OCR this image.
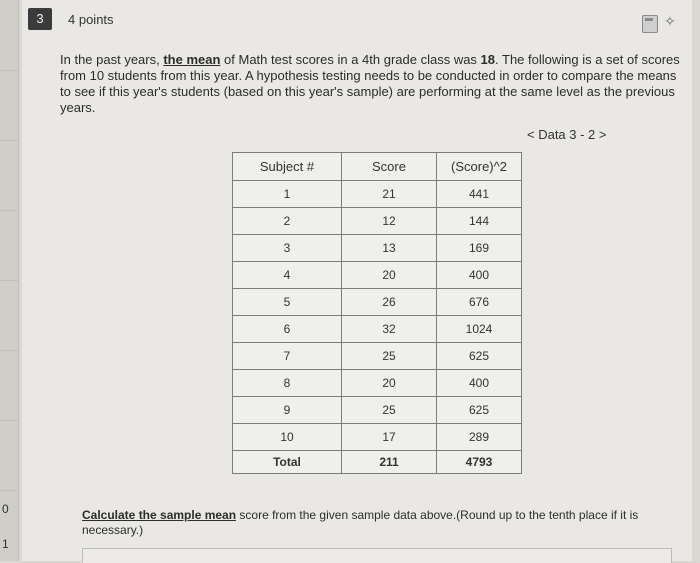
0
1
3	4 points	✧
In the past years, the mean of Math test scores in a 4th grade class was 18. The following is a set of scores from 10 students from this year. A hypothesis testing needs to be conducted in order to compare the means to see if this year's students (based on this year's sample) are performing at the same level as the previous years.
< Data 3 - 2 >
Subject #	Score	(Score)^2
1	21	441
2	12	144
3	13	169
4	20	400
5	26	676
6	32	1024
7	25	625
8	20	400
9	25	625
10	17	289
Total	211	4793
Calculate the sample mean score from the given sample data above.(Round up to the tenth place if it is necessary.)
